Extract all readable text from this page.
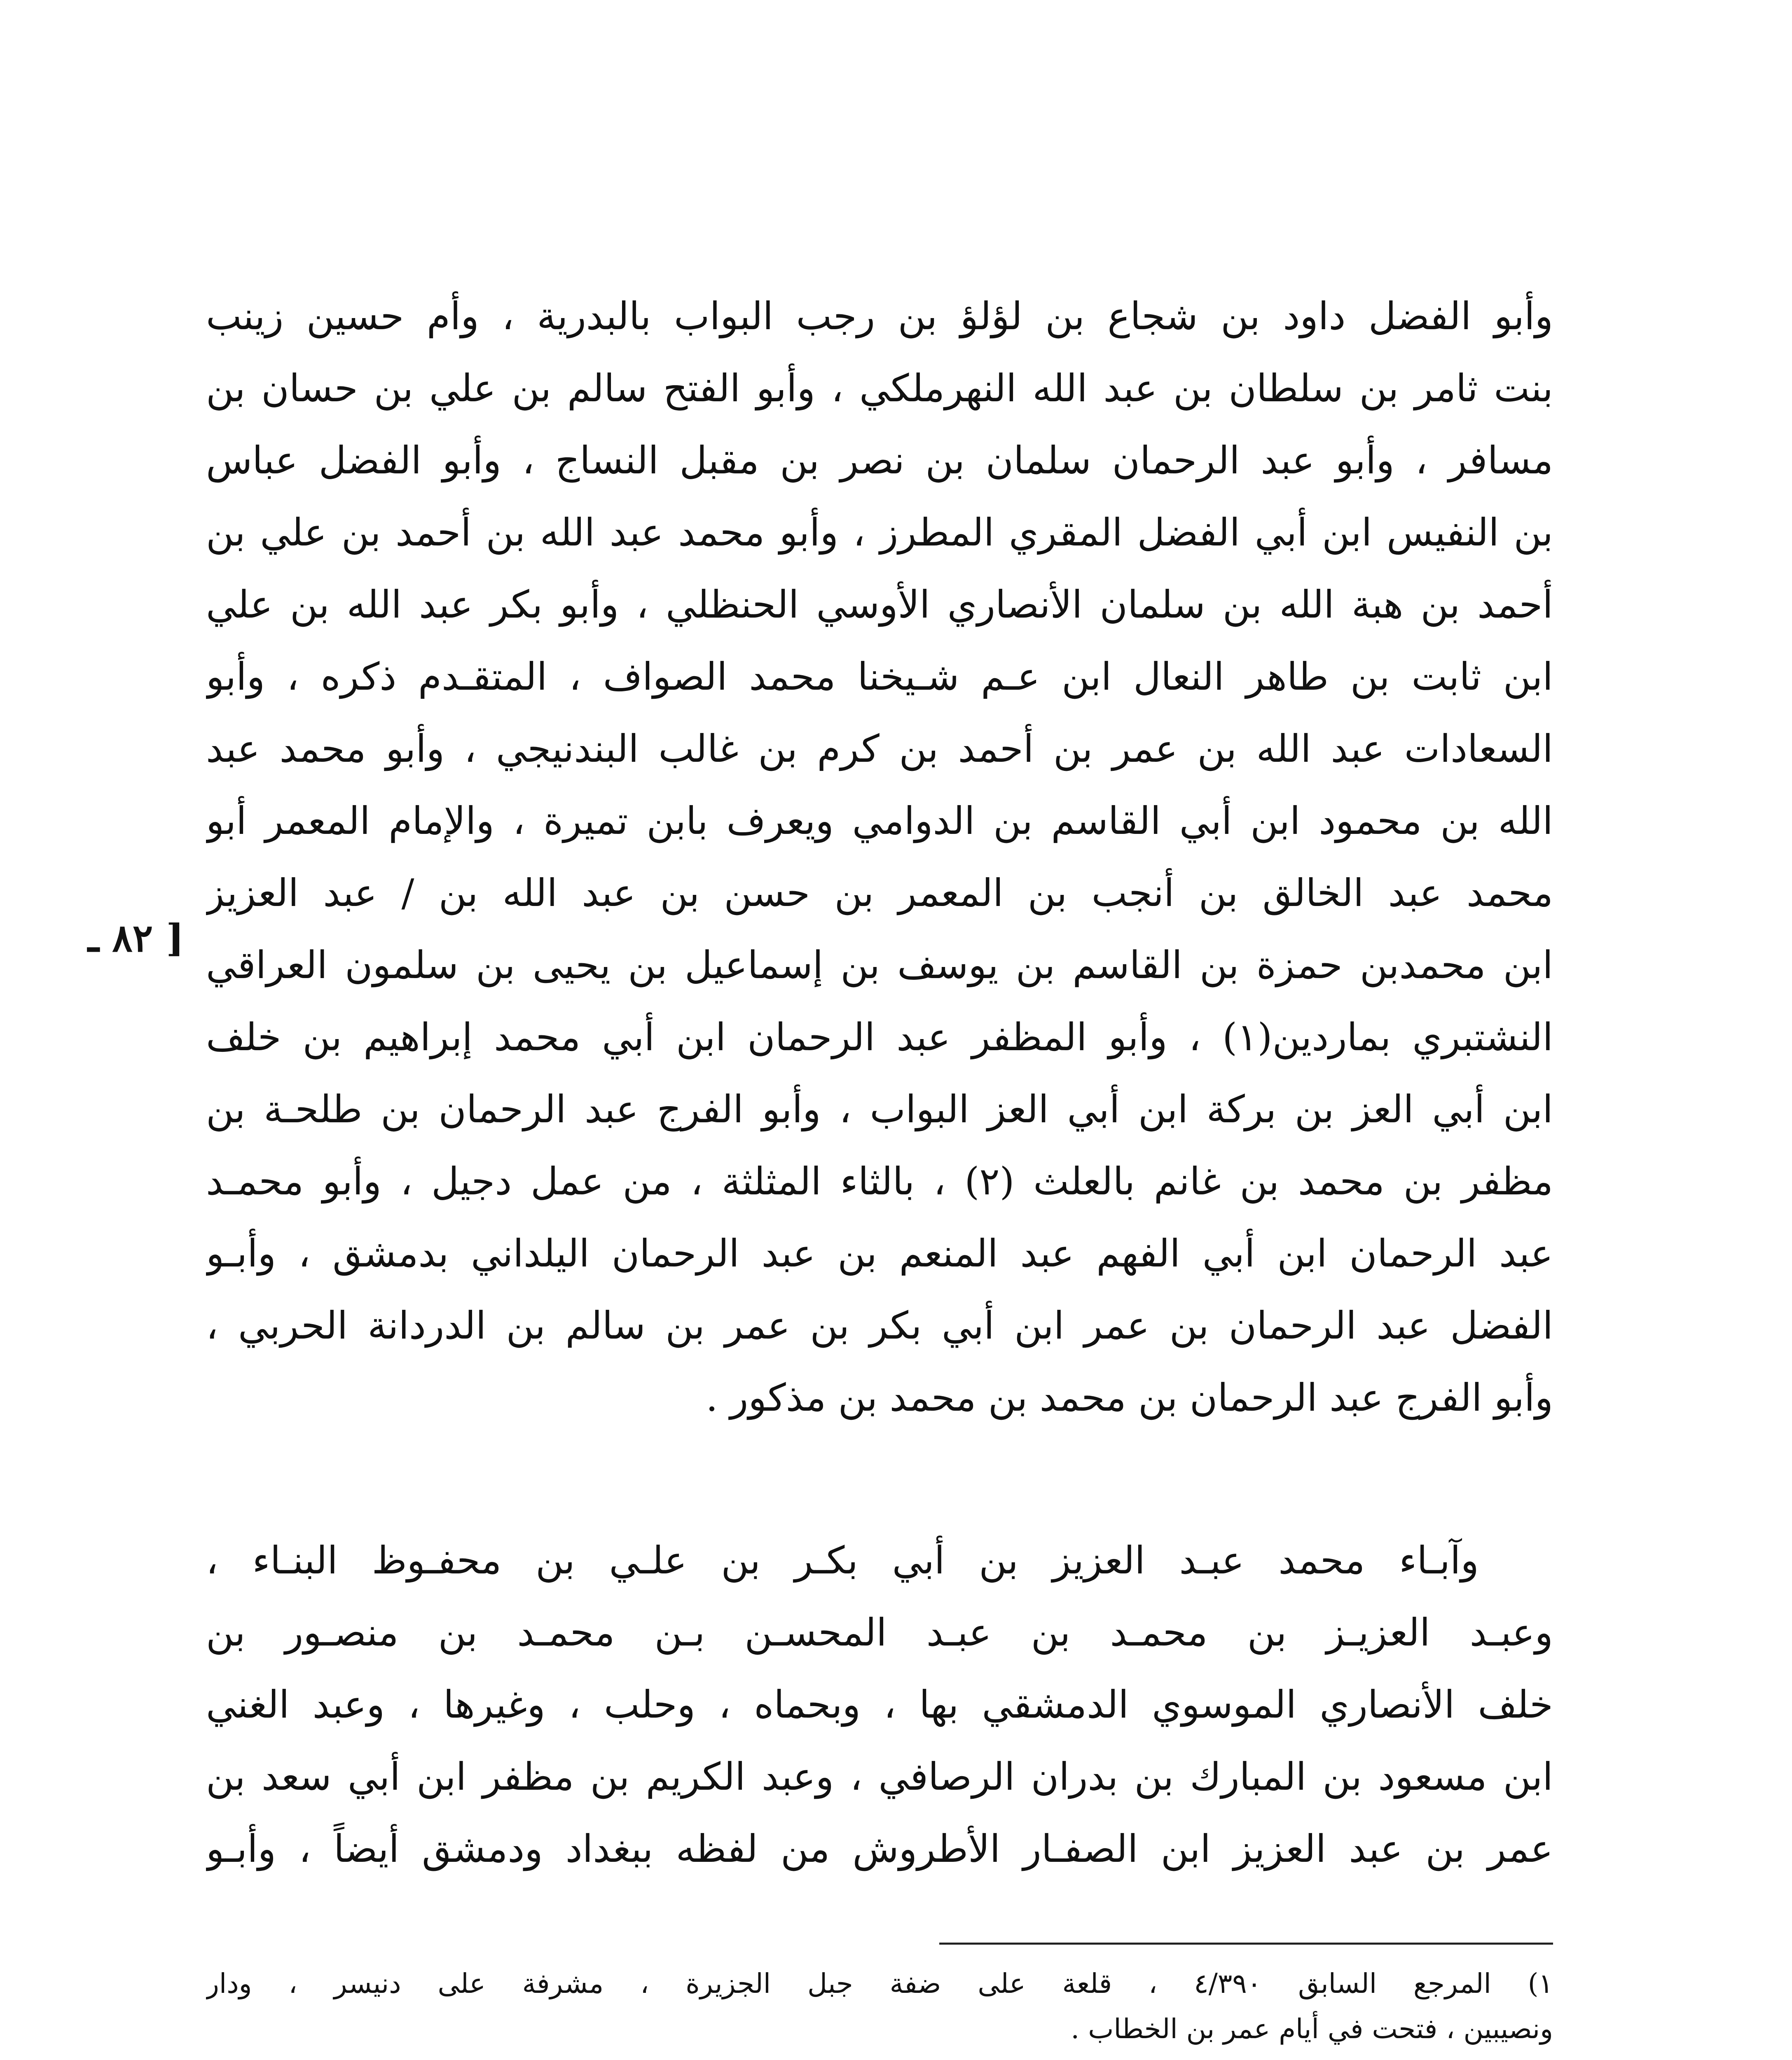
وأبو الفضل داود بن شجاع بن لؤلؤ بن رجب البواب بالبدرية ، وأم حسين زينب
بنت ثامر بن سلطان بن عبد الله النهرملكي ، وأبو الفتح سالم بن علي بن حسان بن
مسافر ، وأبو عبد الرحمان سلمان بن نصر بن مقبل النساج ، وأبو الفضل عباس
بن النفيس ابن أبي الفضل المقري المطرز ، وأبو محمد عبد الله بن أحمد بن علي بن
أحمد بن هبة الله بن سلمان الأنصاري الأوسي الحنظلي ، وأبو بكر عبد الله بن علي
ابن ثابت بن طاهر النعال ابن عـم شـيخنا محمد الصواف ، المتقـدم ذكره ، وأبو
السعادات عبد الله بن عمر بن أحمد بن كرم بن غالب البندنيجي ، وأبو محمد عبد
الله بن محمود ابن أبي القاسم بن الدوامي ويعرف بابن تميرة ، والإمام المعمر أبو
محمد عبد الخالق بن أنجب بن المعمر بن حسن بن عبد الله بن / عبد العزيز
ابن محمدبن حمزة بن القاسم بن يوسف بن إسماعيل بن يحيى بن سلمون العراقي
النشتبري بماردين(١) ، وأبو المظفر عبد الرحمان ابن أبي محمد إبراهيم بن خلف
ابن أبي العز بن بركة ابن أبي العز البواب ، وأبو الفرج عبد الرحمان بن طلحـة بن
مظفر بن محمد بن غانم بالعلث (٢) ، بالثاء المثلثة ، من عمل دجيل ، وأبو محمـد
عبد الرحمان ابن أبي الفهم عبد المنعم بن عبد الرحمان اليلداني بدمشق ، وأبـو
الفضل عبد الرحمان بن عمر ابن أبي بكر بن عمر بن سالم بن الدردانة الحربي ،
وأبو الفرج عبد الرحمان بن محمد بن محمد بن مذكور .
[ ٨٢ ـ
وآبـاء محمد عبـد العزيز بن أبي بكـر بن علـي بن محفـوظ البنـاء ،
وعبـد العزيـز بن محمـد بن عبـد المحسـن بـن محمـد بن منصـور بن
خلف الأنصاري الموسوي الدمشقي بها ، وبحماه ، وحلب ، وغيرها ، وعبد الغني
ابن مسعود بن المبارك بن بدران الرصافي ، وعبد الكريم بن مظفر ابن أبي سعد بن
عمر بن عبد العزيز ابن الصفـار الأطروش من لفظه ببغداد ودمشق أيضاً ، وأبـو
١) المرجع السابق ٤/٣٩٠ ، قلعة على ضفة جبل الجزيرة ، مشرفة على دنيسر ، ودار
ونصيبين ، فتحت في أيام عمر بن الخطاب .
